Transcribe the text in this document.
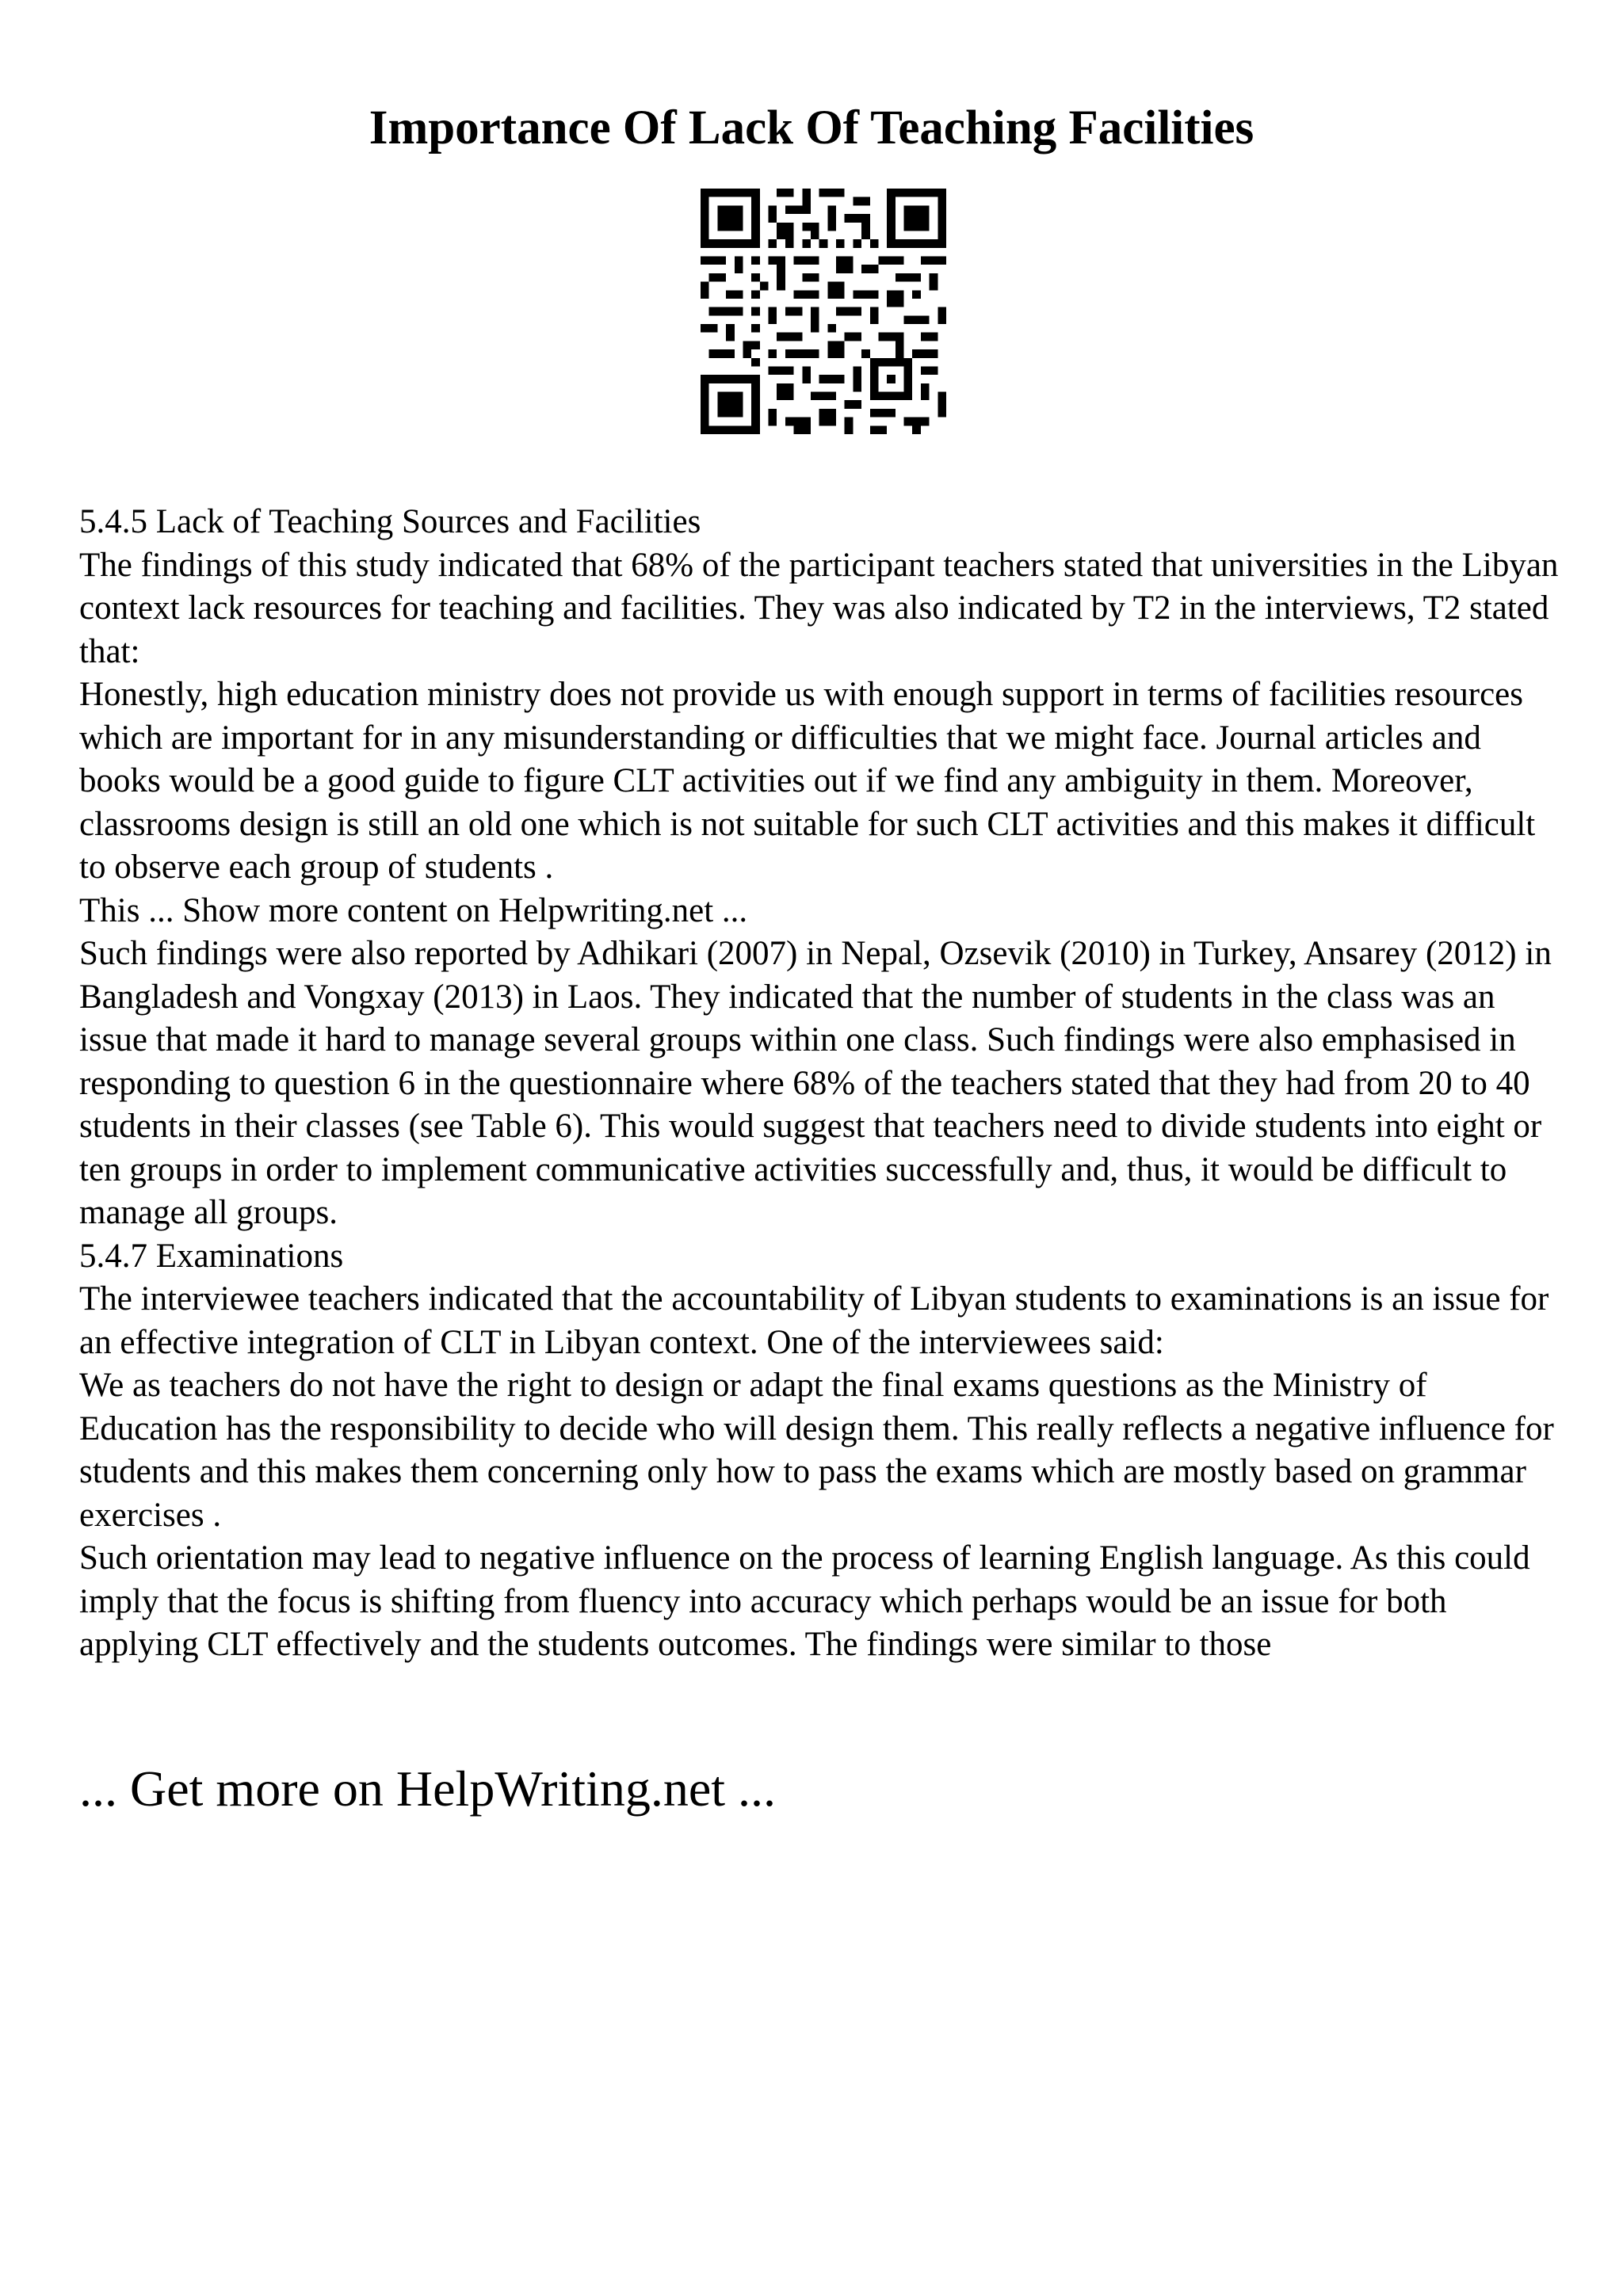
Importance Of Lack Of Teaching Facilities

5.4.5 Lack of Teaching Sources and Facilities

The findings of this study indicated that 68% of the participant teachers stated that universities in the Libyan context lack resources for teaching and facilities. They was also indicated by T2 in the interviews, T2 stated that:

Honestly, high education ministry does not provide us with enough support in terms of facilities resources which are important for in any misunderstanding or difficulties that we might face. Journal articles and books would be a good guide to figure CLT activities out if we find any ambiguity in them. Moreover, classrooms design is still an old one which is not suitable for such CLT activities and this makes it difficult to observe each group of students .

This ... Show more content on Helpwriting.net ...

Such findings were also reported by Adhikari (2007) in Nepal, Ozsevik (2010) in Turkey, Ansarey (2012) in Bangladesh and Vongxay (2013) in Laos. They indicated that the number of students in the class was an issue that made it hard to manage several groups within one class. Such findings were also emphasised in responding to question 6 in the questionnaire where 68% of the teachers stated that they had from 20 to 40 students in their classes (see Table 6). This would suggest that teachers need to divide students into eight or ten groups in order to implement communicative activities successfully and, thus, it would be difficult to manage all groups.

5.4.7 Examinations

The interviewee teachers indicated that the accountability of Libyan students to examinations is an issue for an effective integration of CLT in Libyan context. One of the interviewees said:

We as teachers do not have the right to design or adapt the final exams questions as the Ministry of Education has the responsibility to decide who will design them. This really reflects a negative influence for students and this makes them concerning only how to pass the exams which are mostly based on grammar exercises .

Such orientation may lead to negative influence on the process of learning English language. As this could imply that the focus is shifting from fluency into accuracy which perhaps would be an issue for both applying CLT effectively and the students outcomes. The findings were similar to those

... Get more on HelpWriting.net ...
